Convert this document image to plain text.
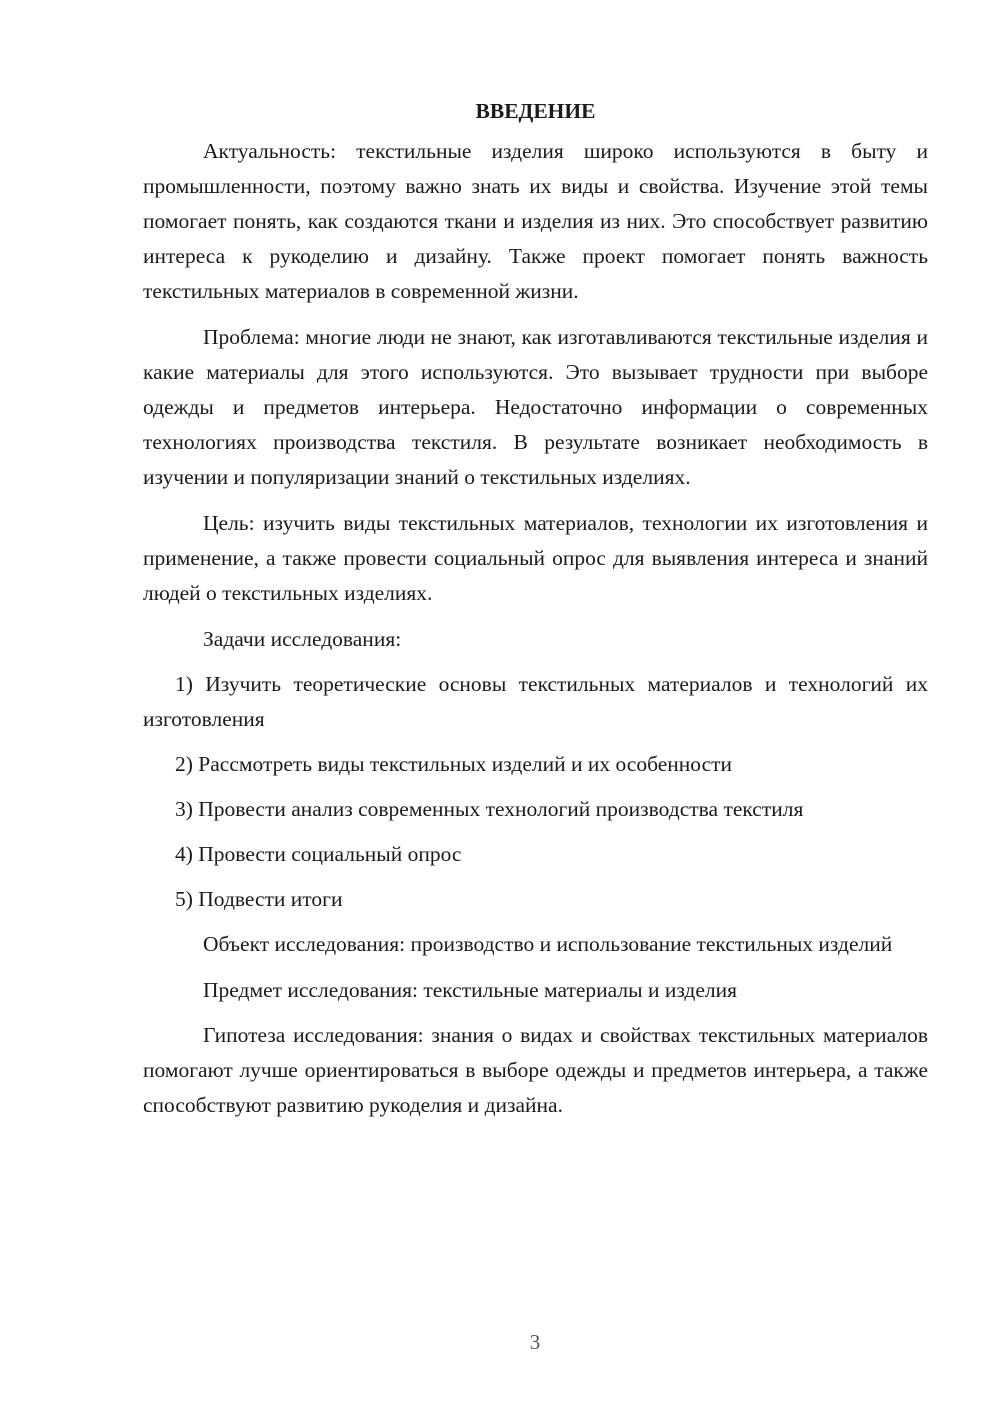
ВВЕДЕНИЕ

Актуальность: текстильные изделия широко используются в быту и промышленности, поэтому важно знать их виды и свойства. Изучение этой темы помогает понять, как создаются ткани и изделия из них. Это способствует развитию интереса к рукоделию и дизайну. Также проект помогает понять важность текстильных материалов в современной жизни.

Проблема: многие люди не знают, как изготавливаются текстильные изделия и какие материалы для этого используются. Это вызывает трудности при выборе одежды и предметов интерьера. Недостаточно информации о современных технологиях производства текстиля. В результате возникает необходимость в изучении и популяризации знаний о текстильных изделиях.

Цель: изучить виды текстильных материалов, технологии их изготовления и применение, а также провести социальный опрос для выявления интереса и знаний людей о текстильных изделиях.

Задачи исследования:

1) Изучить теоретические основы текстильных материалов и технологий их изготовления

2) Рассмотреть виды текстильных изделий и их особенности

3) Провести анализ современных технологий производства текстиля

4) Провести социальный опрос

5) Подвести итоги

Объект исследования: производство и использование текстильных изделий

Предмет исследования: текстильные материалы и изделия

Гипотеза исследования: знания о видах и свойствах текстильных материалов помогают лучше ориентироваться в выборе одежды и предметов интерьера, а также способствуют развитию рукоделия и дизайна.

3
